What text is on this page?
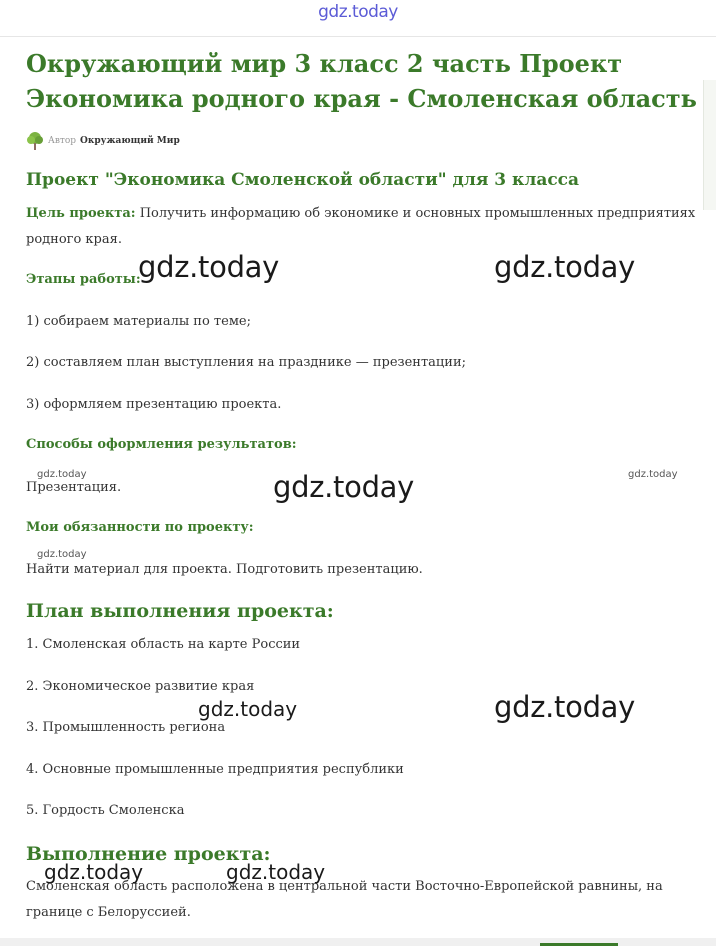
gdz.today
Окружающий мир 3 класс 2 часть Проект Экономика родного края - Смоленская область
Автор Окружающий Мир
Проект "Экономика Смоленской области" для 3 класса
Цель проекта: Получить информацию об экономике и основных промышленных предприятиях родного края.
Этапы работы:
1) собираем материалы по теме;
2) составляем план выступления на празднике — презентации;
3) оформляем презентацию проекта.
Способы оформления результатов:
Презентация.
Мои обязанности по проекту:
Найти материал для проекта. Подготовить презентацию.
План выполнения проекта:
1. Смоленская область на карте России
2. Экономическое развитие края
3. Промышленность региона
4. Основные промышленные предприятия республики
5. Гордость Смоленска
Выполнение проекта:
Смоленская область расположена в центральной части Восточно-Европейской равнины, на границе с Белоруссией.
gdz.today	gdz.today
gdz.today	gdz.today	gdz.today
gdz.today
gdz.today	gdz.today
gdz.today	gdz.today
